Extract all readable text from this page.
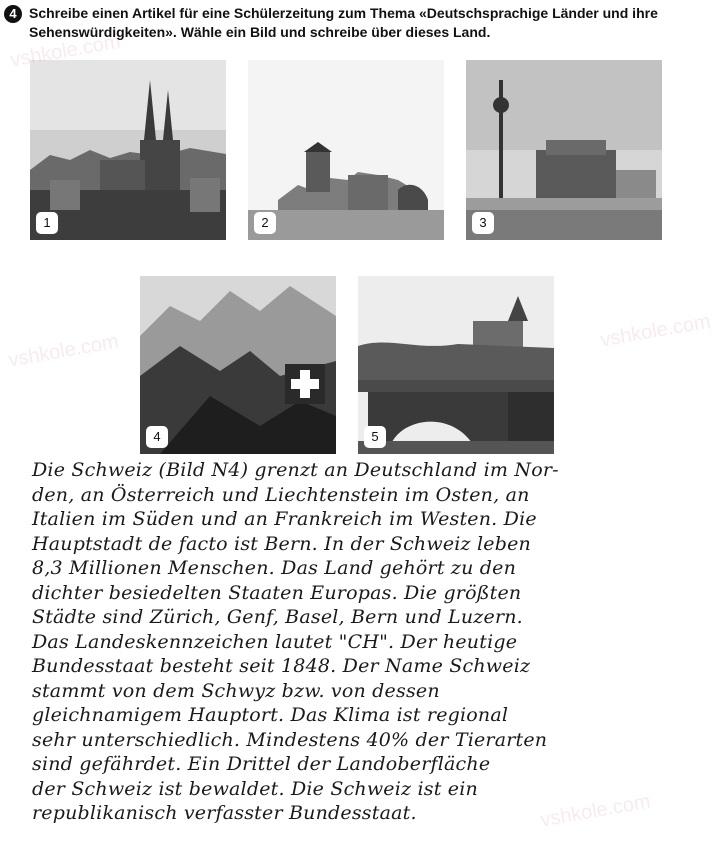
4 Schreibe einen Artikel für eine Schülerzeitung zum Thema «Deutschsprachige Länder und ihre Sehenswürdigkeiten». Wähle ein Bild und schreibe über dieses Land.
1	2	3
4	5
Die Schweiz (Bild N4) grenzt an Deutschland im Nor-
den, an Österreich und Liechtenstein im Osten, an
Italien im Süden und an Frankreich im Westen. Die
Hauptstadt de facto ist Bern. In der Schweiz leben
8,3 Millionen Menschen. Das Land gehört zu den
dichter besiedelten Staaten Europas. Die größten
Städte sind Zürich, Genf, Basel, Bern und Luzern.
Das Landeskennzeichen lautet "CH". Der heutige
Bundesstaat besteht seit 1848. Der Name Schweiz
stammt von dem Schwyz bzw. von dessen
gleichnamigem Hauptort. Das Klima ist regional
sehr unterschiedlich. Mindestens 40% der Tierarten
sind gefährdet. Ein Drittel der Landoberfläche
der Schweiz ist bewaldet. Die Schweiz ist ein
republikanisch verfasster Bundesstaat.
vshkole.com
vshkole.com
vshkole.com
vshkole.com
